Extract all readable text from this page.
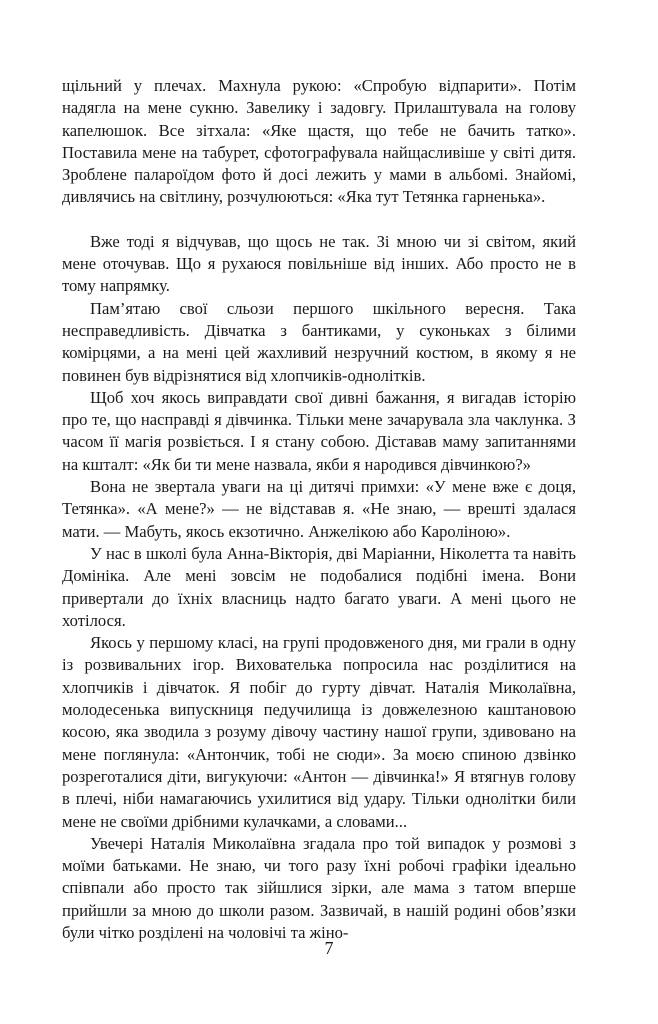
щільний у плечах. Махнула рукою: «Спробую відпарити». Потім надягла на мене сукню. Завелику і задовгу. Прилаштувала на голову капелюшок. Все зітхала: «Яке щастя, що тебе не бачить татко». Поставила мене на табурет, сфотографувала найщасливіше у світі дитя. Зроблене палароїдом фото й досі лежить у мами в альбомі. Знайомі, дивлячись на світлину, розчулюються: «Яка тут Тетянка гарненька».

Вже тоді я відчував, що щось не так. Зі мною чи зі світом, який мене оточував. Що я рухаюся повільніше від інших. Або просто не в тому напрямку.

Пам’ятаю свої сльози першого шкільного вересня. Така несправедливість. Дівчатка з бантиками, у суконьках з білими комірцями, а на мені цей жахливий незручний костюм, в якому я не повинен був відрізнятися від хлопчиків-однолітків.

Щоб хоч якось виправдати свої дивні бажання, я вигадав історію про те, що насправді я дівчинка. Тільки мене зачарувала зла чаклунка. З часом її магія розвіється. І я стану собою. Діставав маму запитаннями на кшталт: «Як би ти мене назвала, якби я народився дівчинкою?»

Вона не звертала уваги на ці дитячі примхи: «У мене вже є доця, Тетянка». «А мене?» — не відставав я. «Не знаю, — врешті здалася мати. — Мабуть, якось екзотично. Анжелікою або Кароліною».

У нас в школі була Анна-Вікторія, дві Маріанни, Ніколетта та навіть Домініка. Але мені зовсім не подобалися подібні імена. Вони привертали до їхніх власниць надто багато уваги. А мені цього не хотілося.

Якось у першому класі, на групі продовженого дня, ми грали в одну із розвивальних ігор. Вихователька попросила нас розділитися на хлопчиків і дівчаток. Я побіг до гурту дівчат. Наталія Миколаївна, молодесенька випускниця педучилища із довжелезною каштановою косою, яка зводила з розуму дівочу частину нашої групи, здивовано на мене поглянула: «Антончик, тобі не сюди». За моєю спиною дзвінко розреготалися діти, вигукуючи: «Антон — дівчинка!» Я втягнув голову в плечі, ніби намагаючись ухилитися від удару. Тільки однолітки били мене не своїми дрібними кулачками, а словами...

Увечері Наталія Миколаївна згадала про той випадок у розмові з моїми батьками. Не знаю, чи того разу їхні робочі графіки ідеально співпали або просто так зійшлися зірки, але мама з татом вперше прийшли за мною до школи разом. Зазвичай, в нашій родині обов’язки були чітко розділені на чоловічі та жіно-

7
